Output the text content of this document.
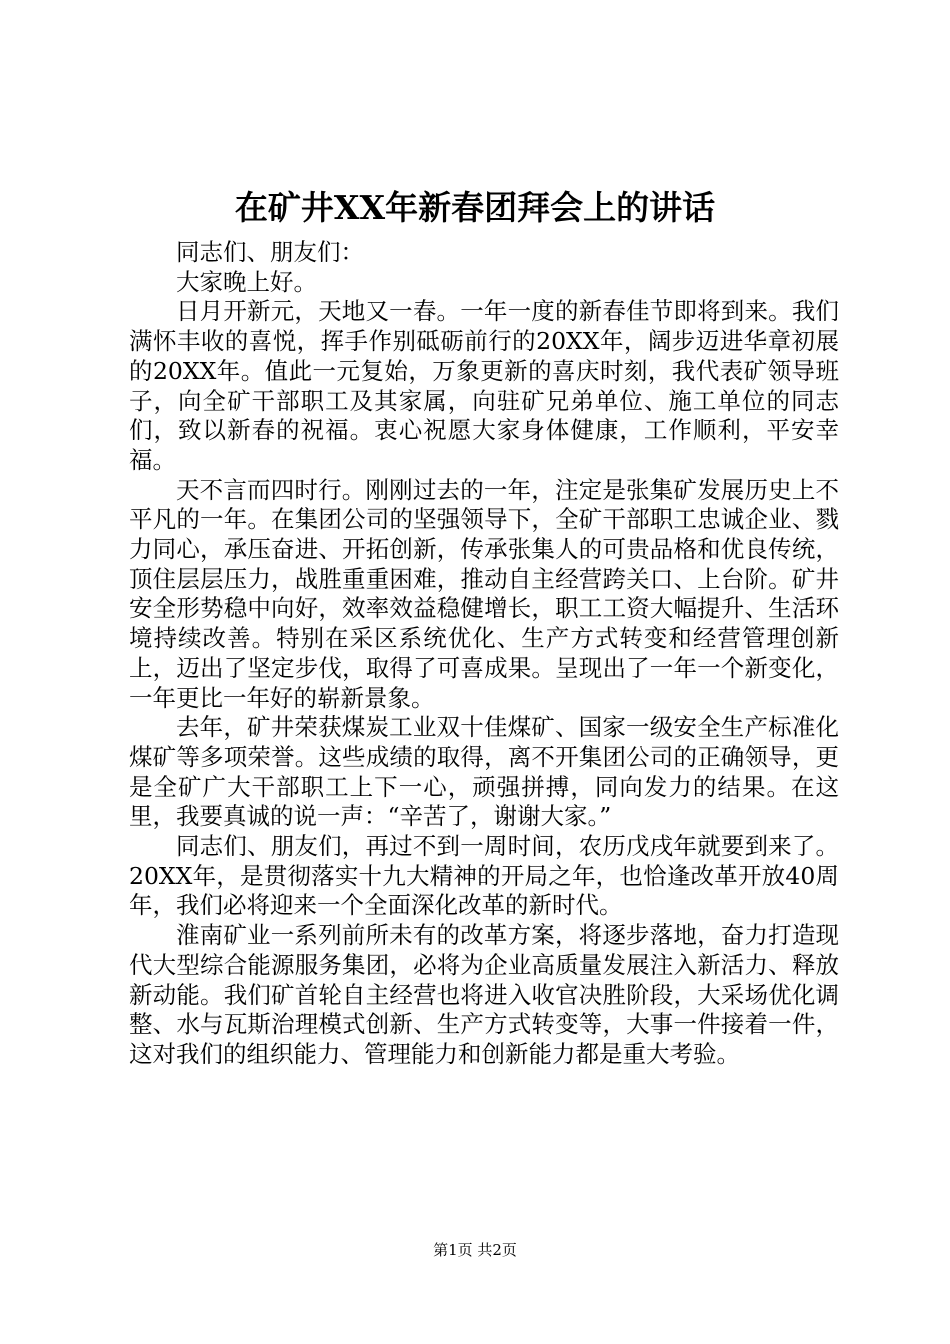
在矿井XX年新春团拜会上的讲话

同志们、朋友们：

大家晚上好。

日月开新元，天地又一春。一年一度的新春佳节即将到来。我们满怀丰收的喜悦，挥手作别砥砺前行的20XX年，阔步迈进华章初展的20XX年。值此一元复始，万象更新的喜庆时刻，我代表矿领导班子，向全矿干部职工及其家属，向驻矿兄弟单位、施工单位的同志们，致以新春的祝福。衷心祝愿大家身体健康，工作顺利，平安幸福。

天不言而四时行。刚刚过去的一年，注定是张集矿发展历史上不平凡的一年。在集团公司的坚强领导下，全矿干部职工忠诚企业、戮力同心，承压奋进、开拓创新，传承张集人的可贵品格和优良传统，顶住层层压力，战胜重重困难，推动自主经营跨关口、上台阶。矿井安全形势稳中向好，效率效益稳健增长，职工工资大幅提升、生活环境持续改善。特别在采区系统优化、生产方式转变和经营管理创新上，迈出了坚定步伐，取得了可喜成果。呈现出了一年一个新变化，一年更比一年好的崭新景象。

去年，矿井荣获煤炭工业双十佳煤矿、国家一级安全生产标准化煤矿等多项荣誉。这些成绩的取得，离不开集团公司的正确领导，更是全矿广大干部职工上下一心，顽强拼搏，同向发力的结果。在这里，我要真诚的说一声：“辛苦了，谢谢大家。”

同志们、朋友们，再过不到一周时间，农历戊戌年就要到来了。20XX年，是贯彻落实十九大精神的开局之年，也恰逢改革开放40周年，我们必将迎来一个全面深化改革的新时代。

淮南矿业一系列前所未有的改革方案，将逐步落地，奋力打造现代大型综合能源服务集团，必将为企业高质量发展注入新活力、释放新动能。我们矿首轮自主经营也将进入收官决胜阶段，大采场优化调整、水与瓦斯治理模式创新、生产方式转变等，大事一件接着一件，这对我们的组织能力、管理能力和创新能力都是重大考验。

第1页 共2页
